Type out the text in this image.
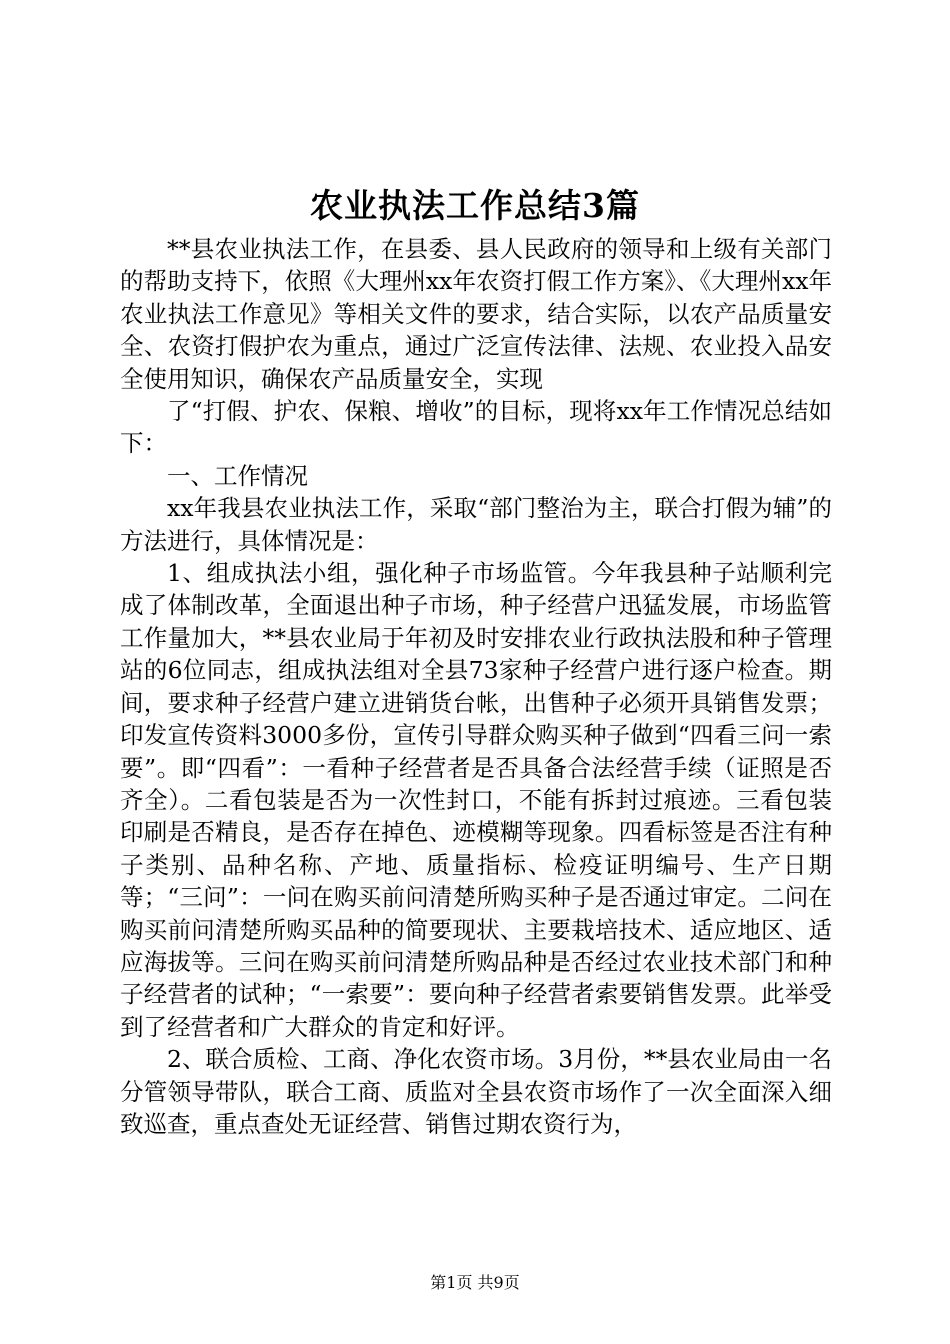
农业执法工作总结3篇

**县农业执法工作，在县委、县人民政府的领导和上级有关部门的帮助支持下，依照《大理州xx年农资打假工作方案》、《大理州xx年农业执法工作意见》等相关文件的要求，结合实际，以农产品质量安全、农资打假护农为重点，通过广泛宣传法律、法规、农业投入品安全使用知识，确保农产品质量安全，实现

了“打假、护农、保粮、增收”的目标，现将xx年工作情况总结如下：

一、工作情况

xx年我县农业执法工作，采取“部门整治为主，联合打假为辅”的方法进行，具体情况是：

1、组成执法小组，强化种子市场监管。今年我县种子站顺利完成了体制改革，全面退出种子市场，种子经营户迅猛发展，市场监管工作量加大，**县农业局于年初及时安排农业行政执法股和种子管理站的6位同志，组成执法组对全县73家种子经营户进行逐户检查。期间，要求种子经营户建立进销货台帐，出售种子必须开具销售发票；印发宣传资料3000多份，宣传引导群众购买种子做到“四看三问一索要”。即“四看”：一看种子经营者是否具备合法经营手续（证照是否齐全）。二看包装是否为一次性封口，不能有拆封过痕迹。三看包装印刷是否精良，是否存在掉色、迹模糊等现象。四看标签是否注有种子类别、品种名称、产地、质量指标、检疫证明编号、生产日期等；“三问”：一问在购买前问清楚所购买种子是否通过审定。二问在购买前问清楚所购买品种的简要现状、主要栽培技术、适应地区、适应海拔等。三问在购买前问清楚所购品种是否经过农业技术部门和种子经营者的试种；“一索要”：要向种子经营者索要销售发票。此举受到了经营者和广大群众的肯定和好评。

2、联合质检、工商、净化农资市场。3月份，**县农业局由一名分管领导带队，联合工商、质监对全县农资市场作了一次全面深入细致巡查，重点查处无证经营、销售过期农资行为，

第1页 共9页
